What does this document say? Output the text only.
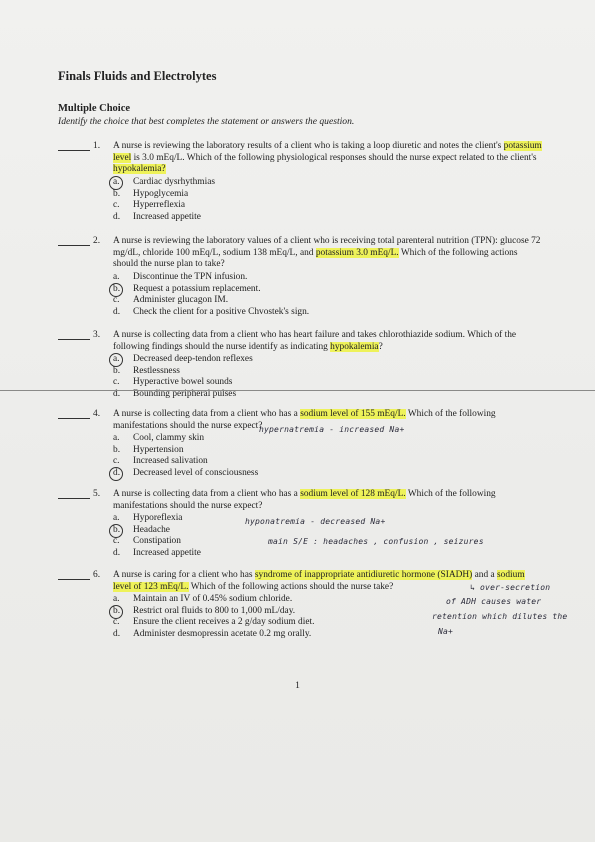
Finals Fluids and Electrolytes
Multiple Choice

Identify the choice that best completes the statement or answers the question.

1. A nurse is reviewing the laboratory results of a client who is taking a loop diuretic and notes the client's potassium level is 3.0 mEq/L. Which of the following physiological responses should the nurse expect related to the client's hypokalemia?
a.	Cardiac dysrhythmias
b.	Hypoglycemia
c.	Hyperreflexia
d.	Increased appetite
2. A nurse is reviewing the laboratory values of a client who is receiving total parenteral nutrition (TPN): glucose 72 mg/dL, chloride 100 mEq/L, sodium 138 mEq/L, and potassium 3.0 mEq/L. Which of the following actions should the nurse plan to take?
a.	Discontinue the TPN infusion.
b.	Request a potassium replacement.
c.	Administer glucagon IM.
d.	Check the client for a positive Chvostek's sign.
3. A nurse is collecting data from a client who has heart failure and takes chlorothiazide sodium. Which of the following findings should the nurse identify as indicating hypokalemia?
a.	Decreased deep-tendon reflexes
b.	Restlessness
c.	Hyperactive bowel sounds
d.	Bounding peripheral pulses
4. A nurse is collecting data from a client who has a sodium level of 155 mEq/L. Which of the following manifestations should the nurse expect?
a.	Cool, clammy skin
b.	Hypertension
c.	Increased salivation
d.	Decreased level of consciousness
hypernatremia - increased Na+
5. A nurse is collecting data from a client who has a sodium level of 128 mEq/L. Which of the following manifestations should the nurse expect?
a.	Hyporeflexia
b.	Headache
c.	Constipation
d.	Increased appetite
hyponatremia - decreased Na+
main S/E : headaches , confusion , seizures
6. A nurse is caring for a client who has syndrome of inappropriate antidiuretic hormone (SIADH) and a sodium level of 123 mEq/L. Which of the following actions should the nurse take?
a.	Maintain an IV of 0.45% sodium chloride.
b.	Restrict oral fluids to 800 to 1,000 mL/day.
c.	Ensure the client receives a 2 g/day sodium diet.
d.	Administer desmopressin acetate 0.2 mg orally.
↳ over-secretion
of ADH causes water
retention which dilutes the
Na+
1
